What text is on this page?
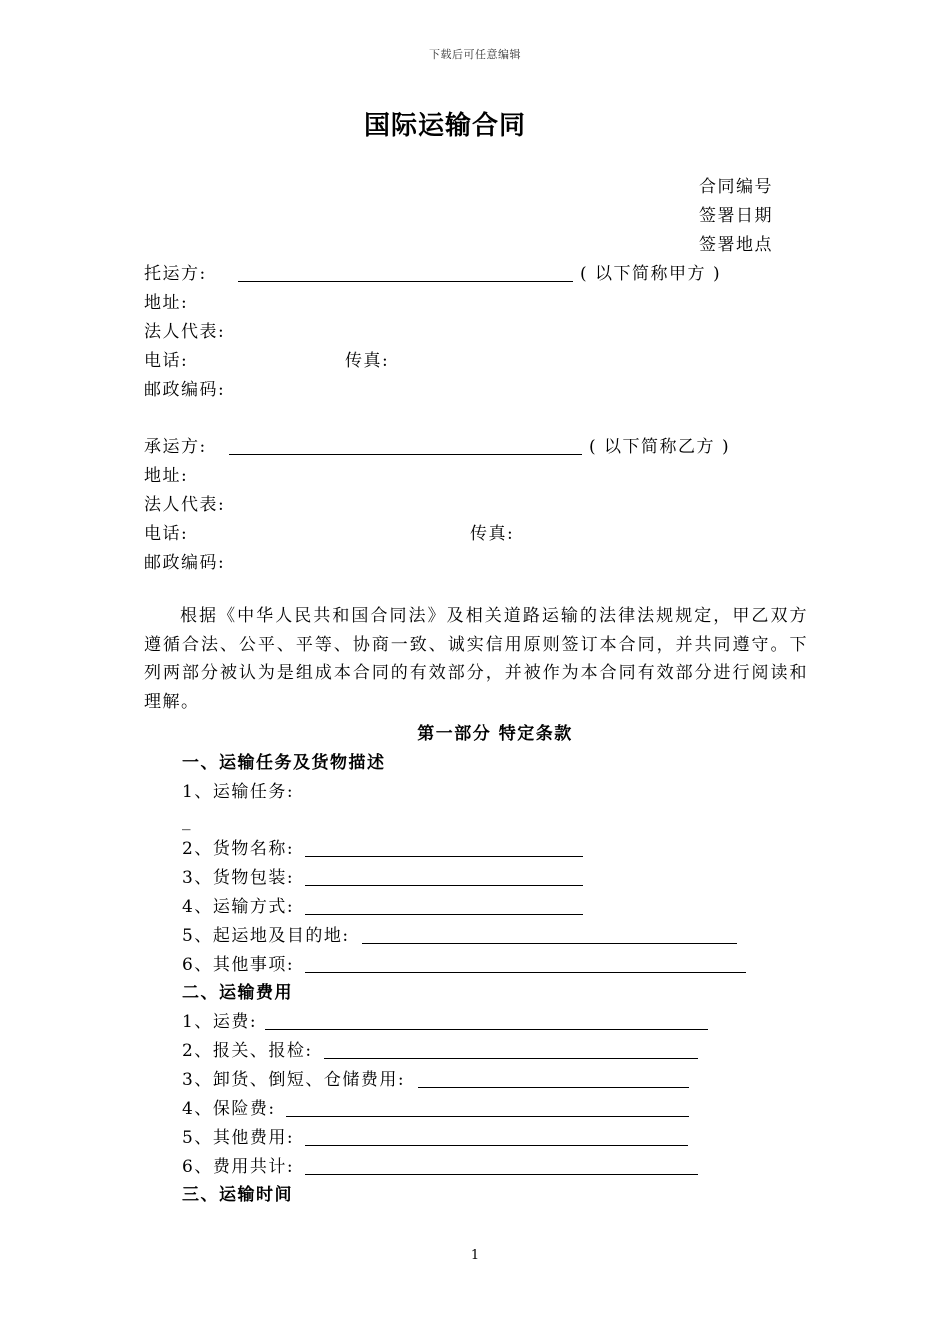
下载后可任意编辑
国际运输合同
合同编号
签署日期
签署地点
托运方:	( 以下简称甲方 )
地址:
法人代表:
电话:	传真:
邮政编码:
承运方:	( 以下简称乙方 )
地址:
法人代表:
电话:	传真:
邮政编码:
根据《中华人民共和国合同法》及相关道路运输的法律法规规定，甲乙双方遵循合法、公平、平等、协商一致、诚实信用原则签订本合同，并共同遵守。下列两部分被认为是组成本合同的有效部分，并被作为本合同有效部分进行阅读和理解。
第一部分 特定条款
一、运输任务及货物描述
1、运输任务:
_
2、货物名称:
3、货物包装:
4、运输方式:
5、起运地及目的地:
6、其他事项:
二、运输费用
1、运费:
2、报关、报检:
3、卸货、倒短、仓储费用:
4、保险费:
5、其他费用:
6、费用共计:
三、运输时间
1
